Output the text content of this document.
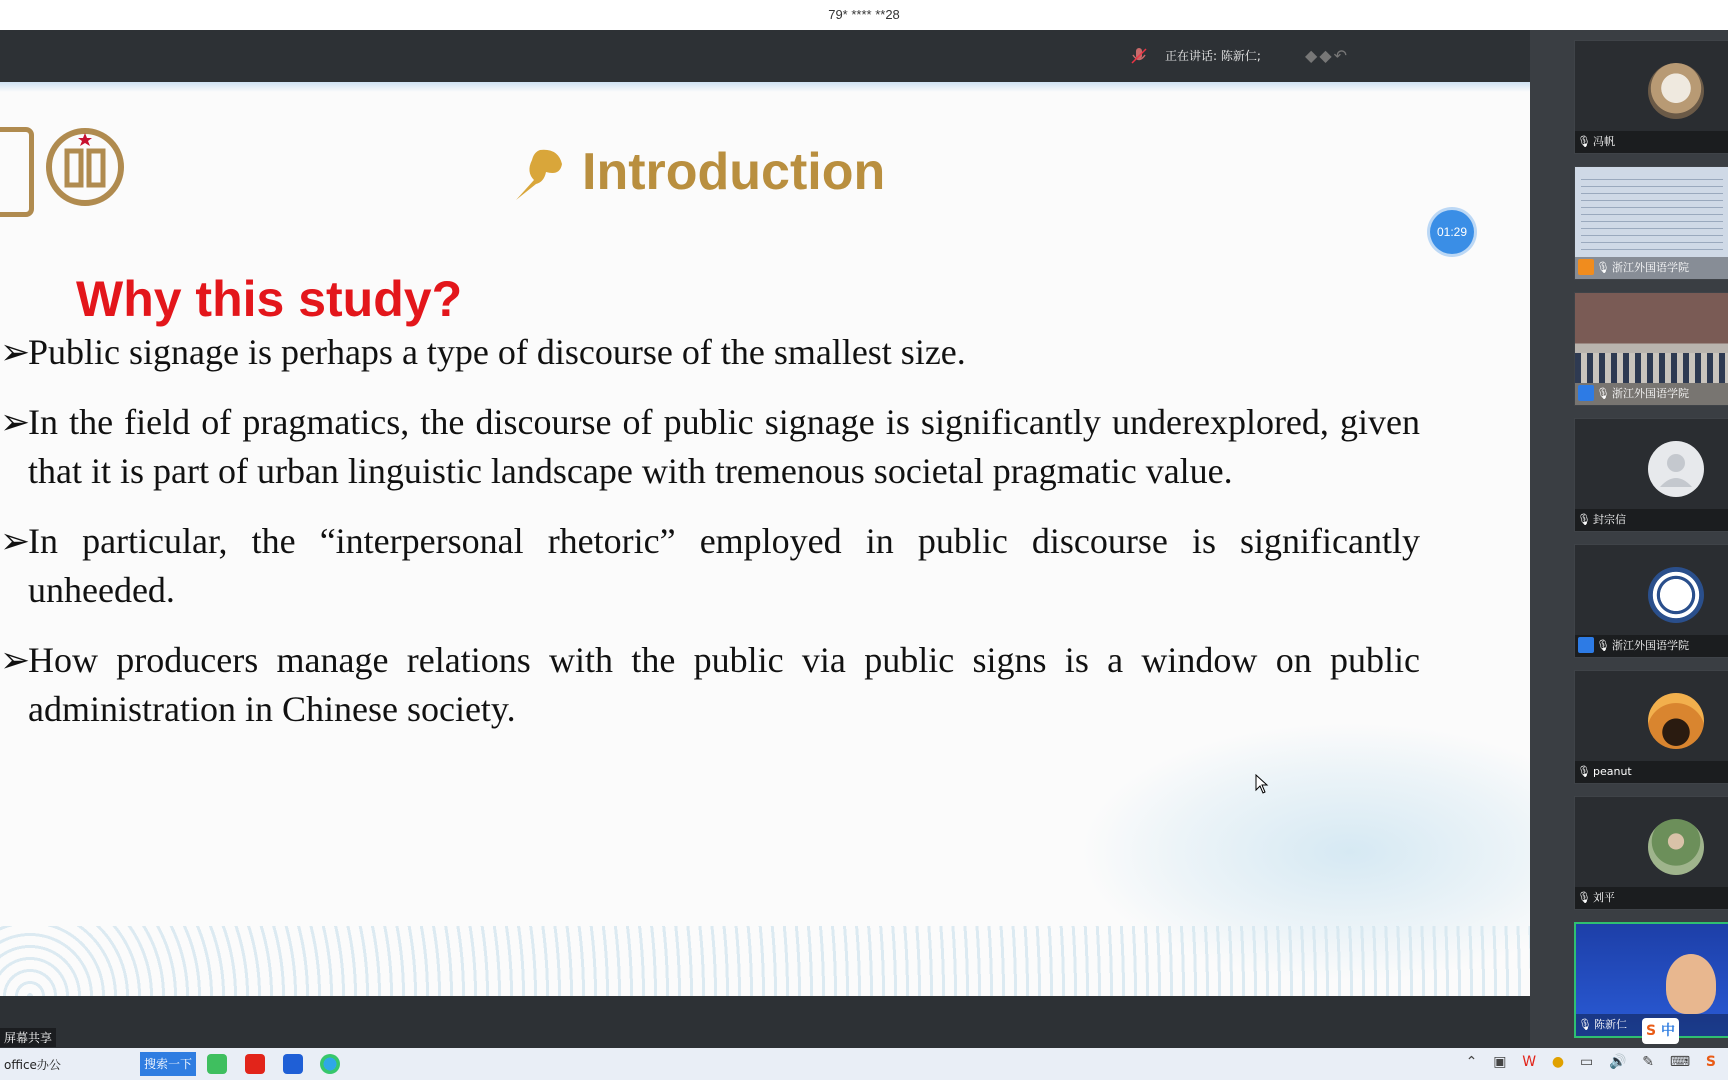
79* **** **28
正在讲话: 陈新仁;	◆◆↶
Introduction
Why this study?
➢
Public signage is perhaps a type of discourse of the smallest size.
➢
In the field of pragmatics, the discourse of public signage is significantly underexplored, given that it is part of urban linguistic landscape with tremenous societal pragmatic value.
➢
In particular, the “interpersonal rhetoric” employed in public discourse is significantly unheeded.
➢
How producers manage relations with the public via public signs is a window on public administration in Chinese society.
01:29
屏幕共享
🎙 冯帆
🎙 浙江外国语学院
🎙 浙江外国语学院
🎙 封宗信
🎙 浙江外国语学院
🎙 peanut
🎙 刘平
🎙 陈新仁	S 中
office办公	搜索一下	⌃ ▣ W ● ▭ 🔊 ✎ ⌨ S
